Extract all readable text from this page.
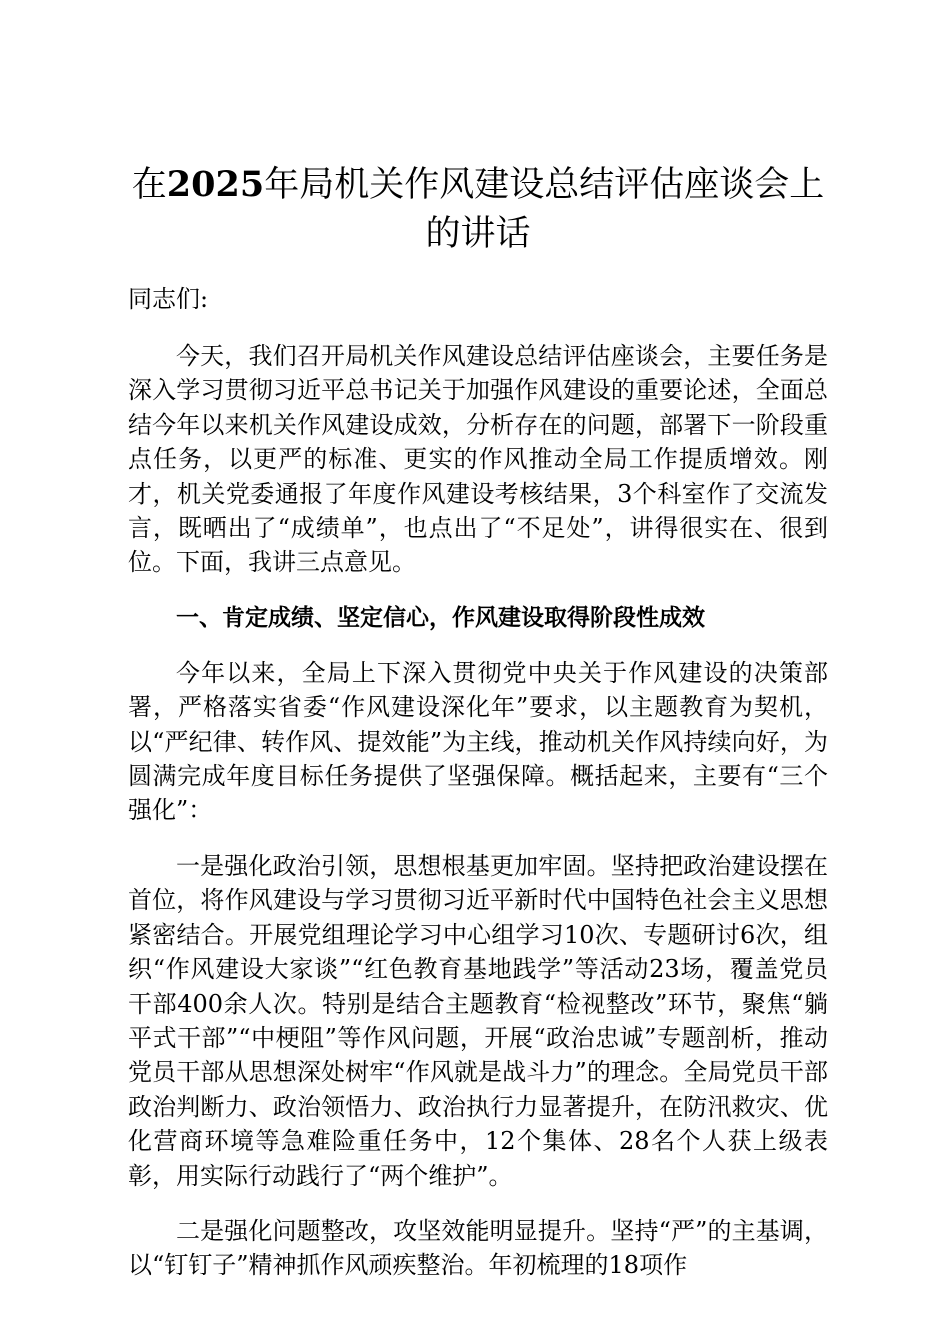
在2025年局机关作风建设总结评估座谈会上的讲话

同志们:

今天，我们召开局机关作风建设总结评估座谈会，主要任务是深入学习贯彻习近平总书记关于加强作风建设的重要论述，全面总结今年以来机关作风建设成效，分析存在的问题，部署下一阶段重点任务，以更严的标准、更实的作风推动全局工作提质增效。刚才，机关党委通报了年度作风建设考核结果，3个科室作了交流发言，既晒出了“成绩单”，也点出了“不足处”，讲得很实在、很到位。下面，我讲三点意见。

一、肯定成绩、坚定信心，作风建设取得阶段性成效

今年以来，全局上下深入贯彻党中央关于作风建设的决策部署，严格落实省委“作风建设深化年”要求，以主题教育为契机，以“严纪律、转作风、提效能”为主线，推动机关作风持续向好，为圆满完成年度目标任务提供了坚强保障。概括起来，主要有“三个强化”：

一是强化政治引领，思想根基更加牢固。坚持把政治建设摆在首位，将作风建设与学习贯彻习近平新时代中国特色社会主义思想紧密结合。开展党组理论学习中心组学习10次、专题研讨6次，组织“作风建设大家谈”“红色教育基地践学”等活动23场，覆盖党员干部400余人次。特别是结合主题教育“检视整改”环节，聚焦“躺平式干部”“中梗阻”等作风问题，开展“政治忠诚”专题剖析，推动党员干部从思想深处树牢“作风就是战斗力”的理念。全局党员干部政治判断力、政治领悟力、政治执行力显著提升，在防汛救灾、优化营商环境等急难险重任务中，12个集体、28名个人获上级表彰，用实际行动践行了“两个维护”。

二是强化问题整改，攻坚效能明显提升。坚持“严”的主基调，以“钉钉子”精神抓作风顽疾整治。年初梳理的18项作
